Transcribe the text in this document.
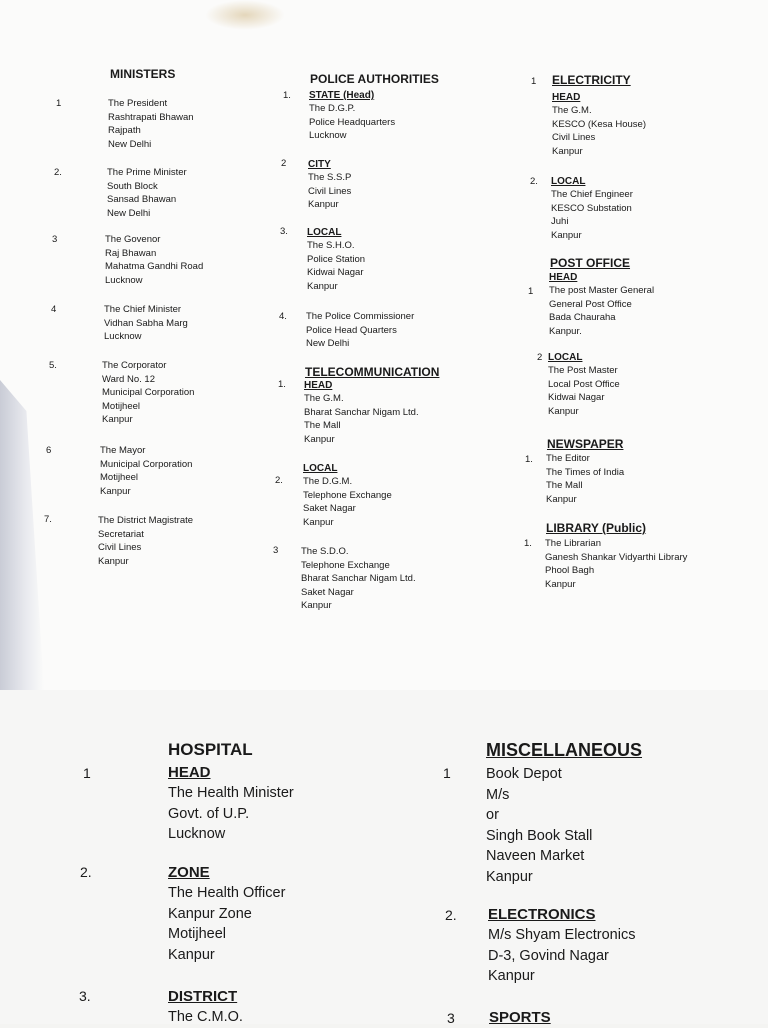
MINISTERS
1	The President
Rashtrapati Bhawan
Rajpath
New Delhi
2.	The Prime Minister
South Block
Sansad Bhawan
New Delhi
3	The Govenor
Raj Bhawan
Mahatma Gandhi Road
Lucknow
4	The Chief Minister
Vidhan Sabha Marg
Lucknow
5.	The Corporator
Ward No. 12
Municipal Corporation
Motijheel
Kanpur
6	The Mayor
Municipal Corporation
Motijheel
Kanpur
7.	The District Magistrate
Secretariat
Civil Lines
Kanpur
POLICE AUTHORITIES
1. STATE (Head)
The D.G.P.
Police Headquarters
Lucknow
2 CITY
The S.S.P
Civil Lines
Kanpur
3. LOCAL
The S.H.O.
Police Station
Kidwai Nagar
Kanpur
4. The Police Commissioner
Police Head Quarters
New Delhi
TELECOMMUNICATION
1. HEAD
The G.M.
Bharat Sanchar Nigam Ltd.
The Mall
Kanpur
2.
LOCAL
The D.G.M.
Telephone Exchange
Saket Nagar
Kanpur
3 The S.D.O.
Telephone Exchange
Bharat Sanchar Nigam Ltd.
Saket Nagar
Kanpur
1 ELECTRICITY
HEAD
The G.M.
KESCO (Kesa House)
Civil Lines
Kanpur
2. LOCAL
The Chief Engineer
KESCO Substation
Juhi
Kanpur
POST OFFICE
1
HEAD
The post Master General
General Post Office
Bada Chauraha
Kanpur.
2 LOCAL
The Post Master
Local Post Office
Kidwai Nagar
Kanpur
NEWSPAPER
1. The Editor
The Times of India
The Mall
Kanpur
LIBRARY (Public)
1. The Librarian
Ganesh Shankar Vidyarthi Library
Phool Bagh
Kanpur
HOSPITAL
1	HEAD
The Health Minister
Govt. of U.P.
Lucknow
2.	ZONE
The Health Officer
Kanpur Zone
Motijheel
Kanpur
3.	DISTRICT
The C.M.O.
MISCELLANEOUS
1 Book Depot
M/s
or
Singh Book Stall
Naveen Market
Kanpur
2. ELECTRONICS
M/s Shyam Electronics
D-3, Govind Nagar
Kanpur
3 SPORTS
